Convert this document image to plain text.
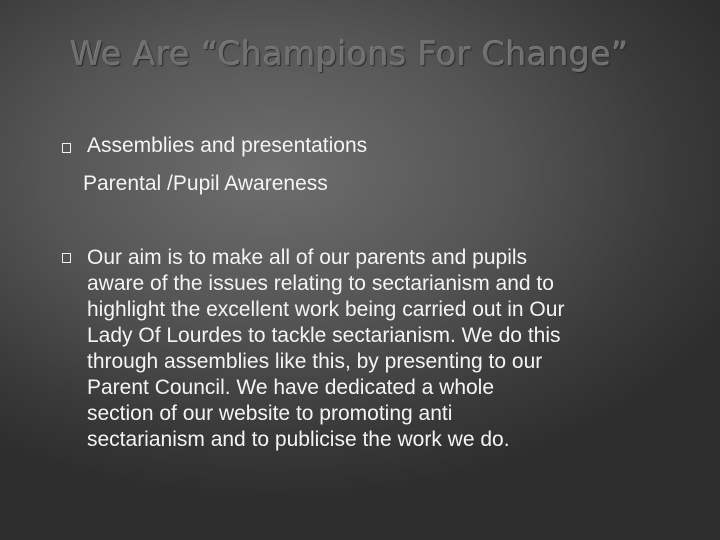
We Are “Champions For Change”

Assemblies and presentations

Parental /Pupil Awareness

Our aim is to make all of our parents and pupils
aware of the issues relating to sectarianism and to
highlight the excellent work being carried out in Our
Lady Of Lourdes to tackle sectarianism. We do this
through assemblies like this, by presenting to our
Parent Council. We have dedicated a whole
section of our website to promoting anti
sectarianism and to publicise the work we do.
